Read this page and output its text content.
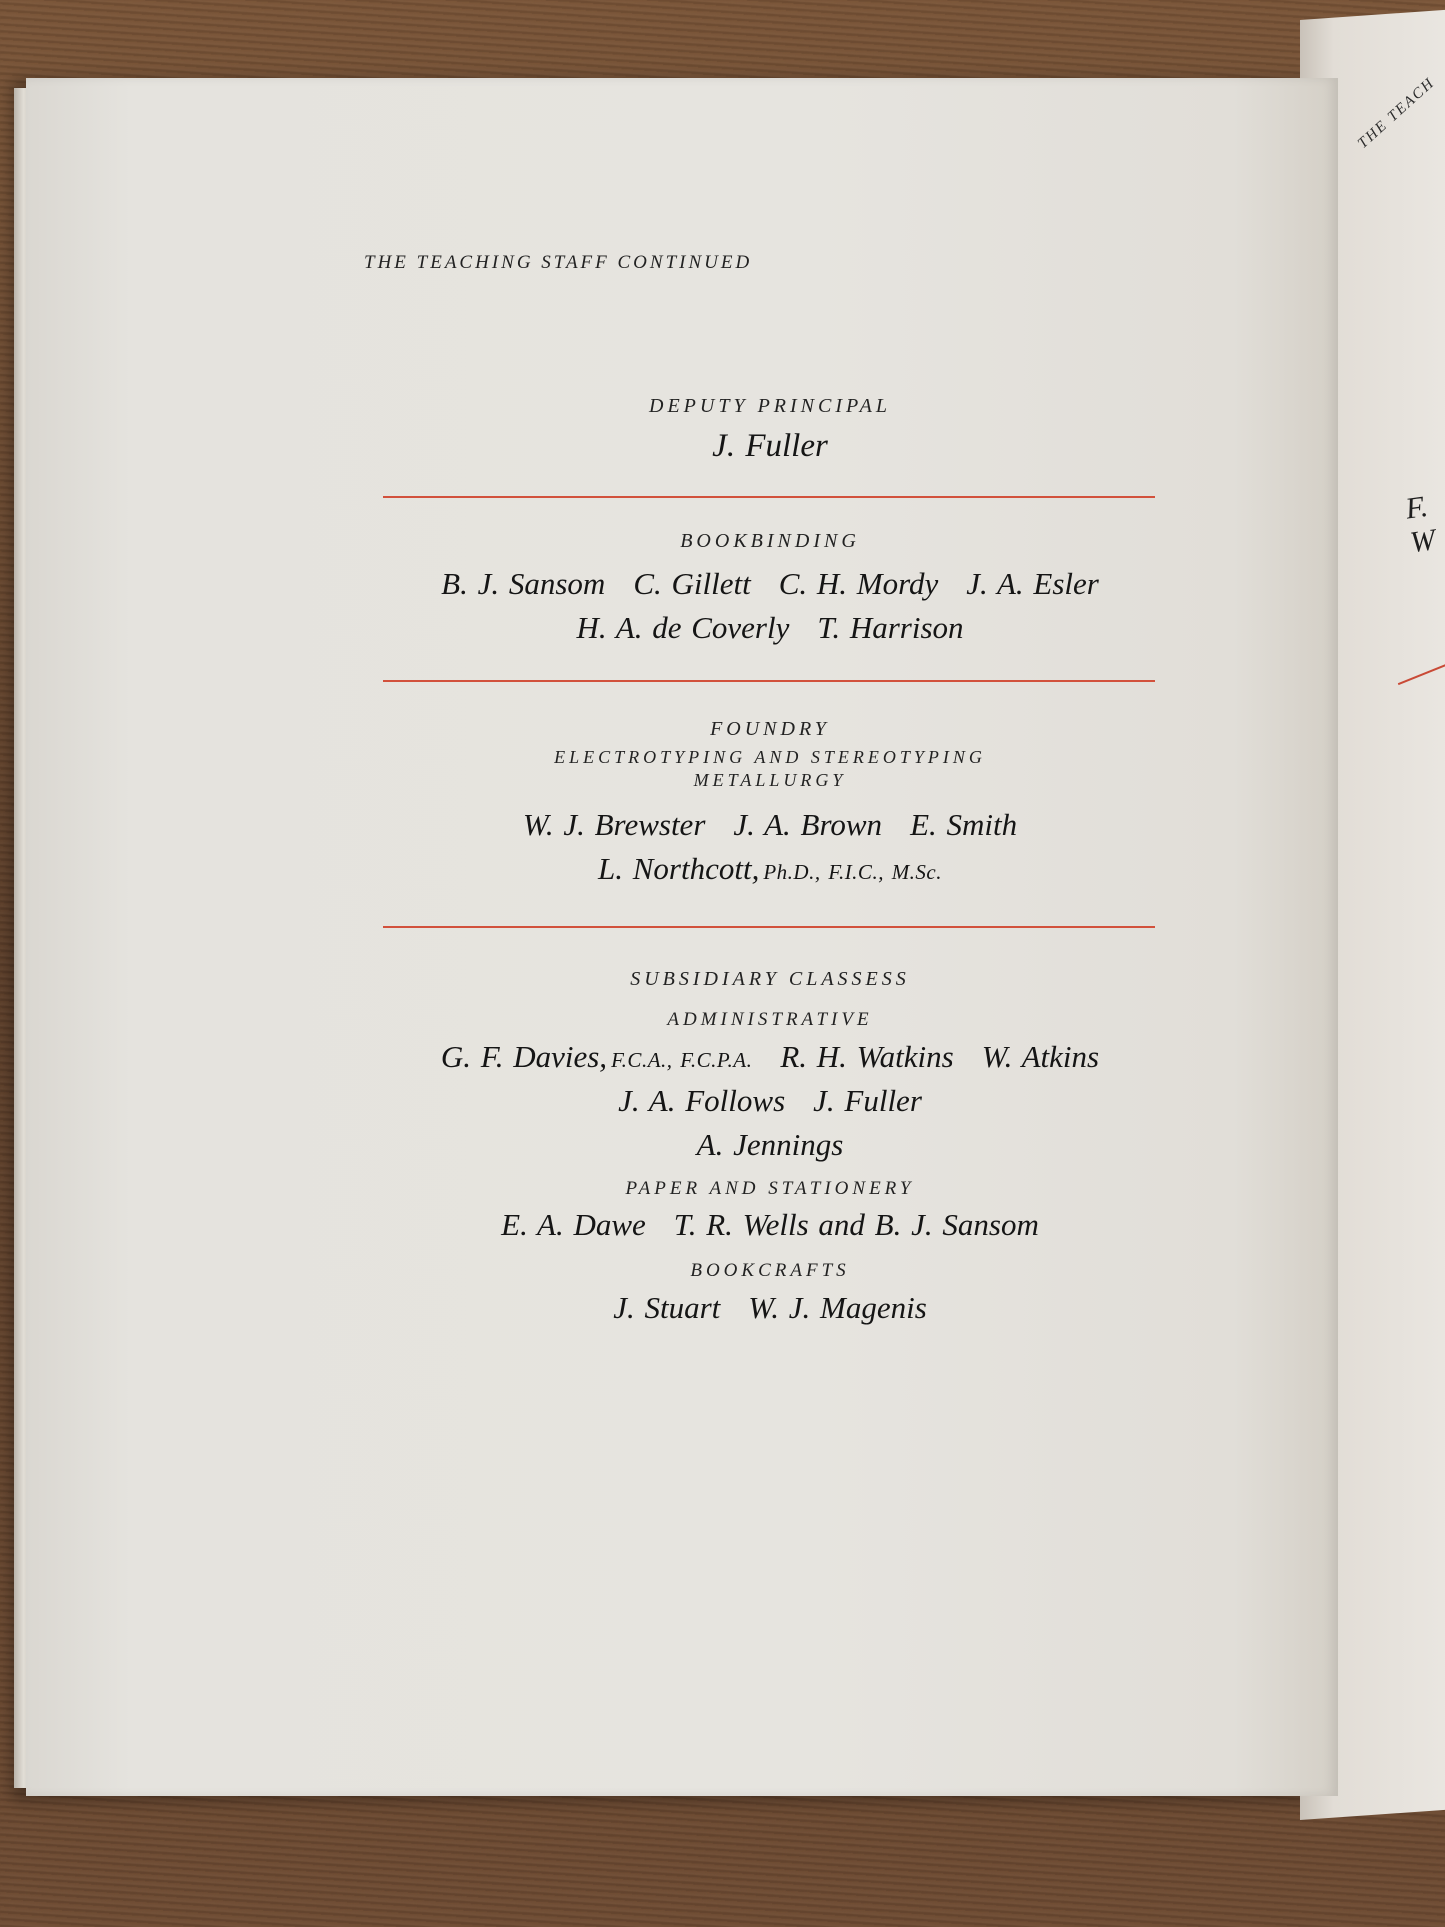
THE TEACH
F. W
THE TEACHING STAFF CONTINUED
DEPUTY PRINCIPAL
J. Fuller
BOOKBINDING
B. J. Sansom C. Gillett C. H. Mordy J. A. Esler
H. A. de Coverly T. Harrison
FOUNDRY
ELECTROTYPING AND STEREOTYPING
METALLURGY
W. J. Brewster J. A. Brown E. Smith
L. Northcott, Ph.D., F.I.C., M.Sc.
SUBSIDIARY CLASSESS
ADMINISTRATIVE
G. F. Davies, F.C.A., F.C.P.A. R. H. Watkins W. Atkins
J. A. Follows J. Fuller
A. Jennings
PAPER AND STATIONERY
E. A. Dawe T. R. Wells and B. J. Sansom
BOOKCRAFTS
J. Stuart W. J. Magenis
